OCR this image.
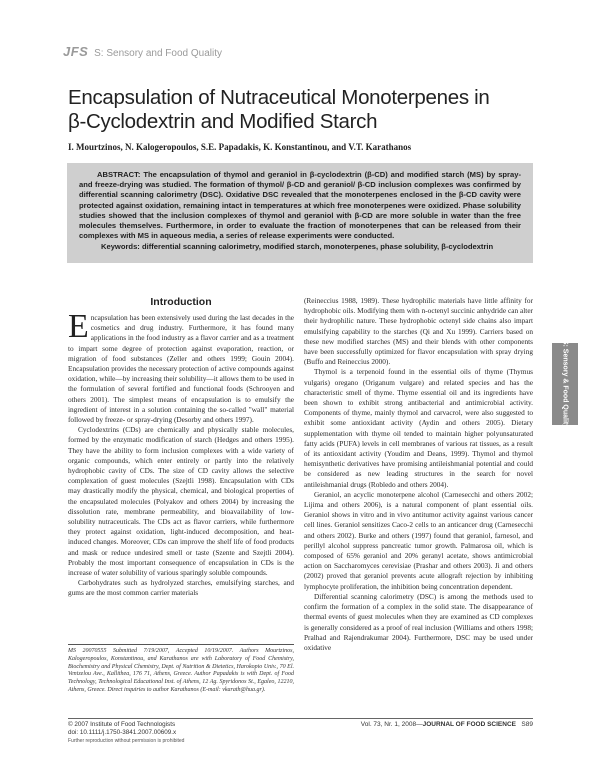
JFS S: Sensory and Food Quality
Encapsulation of Nutraceutical Monoterpenes in
β-Cyclodextrin and Modified Starch
I. Mourtzinos, N. Kalogeropoulos, S.E. Papadakis, K. Konstantinou, and V.T. Karathanos

ABSTRACT: The encapsulation of thymol and geraniol in β-cyclodextrin (β-CD) and modified starch (MS) by spray- and freeze-drying was studied. The formation of thymol/ β-CD and geraniol/ β-CD inclusion complexes was confirmed by differential scanning calorimetry (DSC). Oxidative DSC revealed that the monoterpenes enclosed in the β-CD cavity were protected against oxidation, remaining intact in temperatures at which free monoterpenes were oxidized. Phase solubility studies showed that the inclusion complexes of thymol and geraniol with β-CD are more soluble in water than the free molecules themselves. Furthermore, in order to evaluate the fraction of monoterpenes that can be released from their complexes with MS in aqueous media, a series of release experiments were conducted.

Keywords: differential scanning calorimetry, modified starch, monoterpenes, phase solubility, β-cyclodextrin

Introduction

Encapsulation has been extensively used during the last decades in the cosmetics and drug industry. Furthermore, it has found many applications in the food industry as a flavor carrier and as a treatment to impart some degree of protection against evaporation, reaction, or migration of food substances (Zeller and others 1999; Gouin 2004). Encapsulation provides the necessary protection of active compounds against oxidation, while—by increasing their solubility—it allows them to be used in the formulation of several fortified and functional foods (Schrooyen and others 2001). The simplest means of encapsulation is to emulsify the ingredient of interest in a solution containing the so-called "wall" material followed by freeze- or spray-drying (Desorby and others 1997).

Cyclodextrins (CDs) are chemically and physically stable molecules, formed by the enzymatic modification of starch (Hedges and others 1995). They have the ability to form inclusion complexes with a wide variety of organic compounds, which enter entirely or partly into the relatively hydrophobic cavity of CDs. The size of CD cavity allows the selective complexation of guest molecules (Szejtli 1998). Encapsulation with CDs may drastically modify the physical, chemical, and biological properties of the encapsulated molecules (Polyakov and others 2004) by increasing the dissolution rate, membrane permeability, and bioavailability of low-solubility nutraceuticals. The CDs act as flavor carriers, while furthermore they protect against oxidation, light-induced decomposition, and heat-induced changes. Moreover, CDs can improve the shelf life of food products and mask or reduce undesired smell or taste (Szente and Szejtli 2004). Probably the most important consequence of encapsulation in CDs is the increase of water solubility of various sparingly soluble compounds.

Carbohydrates such as hydrolyzed starches, emulsifying starches, and gums are the most common carrier materials

MS 20070555 Submitted 7/19/2007, Accepted 10/19/2007. Authors Mourtzinos, Kalogeropoulos, Konstantinou, and Karathanos are with Laboratory of Food Chemistry, Biochemistry and Physical Chemistry, Dept. of Nutrition & Dietetics, Harokopio Univ., 70 El. Venizelou Ave., Kallithea, 176 71, Athens, Greece. Author Papadakis is with Dept. of Food Technology, Technological Educational Inst. of Athens, 12 Ag. Spyridonos St., Egaleo, 12210, Athens, Greece. Direct inquiries to author Karathanos (E-mail: vkarath@hua.gr).

(Reineccius 1988, 1989). These hydrophilic materials have little affinity for hydrophobic oils. Modifying them with n-octenyl succinic anhydride can alter their hydrophilic nature. These hydrophobic octenyl side chains also impart emulsifying capability to the starches (Qi and Xu 1999). Carriers based on these new modified starches (MS) and their blends with other components have been successfully optimized for flavor encapsulation with spray drying (Buffo and Reineccius 2000).

Thymol is a terpenoid found in the essential oils of thyme (Thymus vulgaris) oregano (Origanum vulgare) and related species and has the characteristic smell of thyme. Thyme essential oil and its ingredients have been shown to exhibit strong antibacterial and antimicrobial activity. Components of thyme, mainly thymol and carvacrol, were also suggested to exhibit some antioxidant activity (Aydin and others 2005). Dietary supplementation with thyme oil tended to maintain higher polyunsaturated fatty acids (PUFA) levels in cell membranes of various rat tissues, as a result of its antioxidant activity (Youdim and Deans, 1999). Thymol and thymol hemisynthetic derivatives have promising antileishmanial potential and could be considered as new leading structures in the search for novel antileishmanial drugs (Robledo and others 2004).

Geraniol, an acyclic monoterpene alcohol (Carnesecchi and others 2002; Lijima and others 2006), is a natural component of plant essential oils. Geraniol shows in vitro and in vivo antitumor activity against various cancer cell lines. Geraniol sensitizes Caco-2 cells to an anticancer drug (Carnesecchi and others 2002). Burke and others (1997) found that geraniol, farnesol, and perillyl alcohol suppress pancreatic tumor growth. Palmarosa oil, which is composed of 65% geraniol and 20% geranyl acetate, shows antimicrobial action on Saccharomyces cerevisiae (Prashar and others 2003). Ji and others (2002) proved that geraniol prevents acute allograft rejection by inhibiting lymphocyte proliferation, the inhibition being concentration dependent.

Differential scanning calorimetry (DSC) is among the methods used to confirm the formation of a complex in the solid state. The disappearance of thermal events of guest molecules when they are examined as CD complexes is generally considered as a proof of real inclusion (Williams and others 1998; Pralhad and Rajendrakumar 2004). Furthermore, DSC may be used under oxidative

S: Sensory & Food Quality
© 2007 Institute of Food Technologists
doi: 10.1111/j.1750-3841.2007.00609.x
Further reproduction without permission is prohibited
Vol. 73, Nr. 1, 2008—JOURNAL OF FOOD SCIENCE S89
